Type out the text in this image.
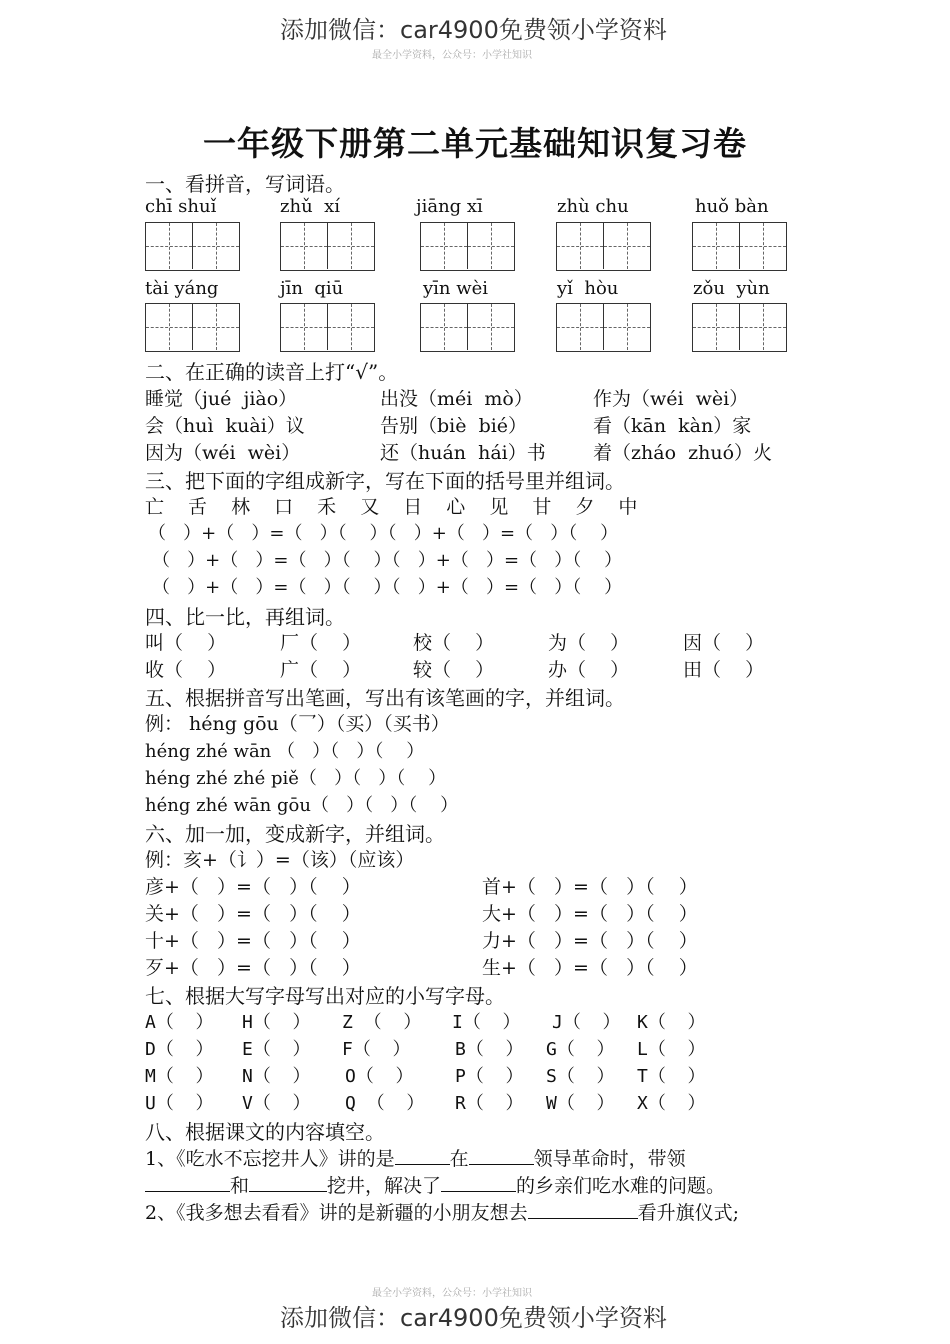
添加微信：car4900免费领小学资料
最全小学资料，公众号：小学社知识
一年级下册第二单元基础知识复习卷
一、看拼音，写词语。
chī shuǐ	zhǔ  xí	jiāng xī	zhù chu	huǒ bàn
tài yáng	jīn  qiū	yīn wèi	yǐ  hòu	zǒu  yùn
二、在正确的读音上打“√”。
睡觉（jué  jiào）	出没（méi  mò）	作为（wéi  wèi）
会（huì  kuài）议	告别（biè  bié）	看（kān  kàn）家
因为（wéi  wèi）	还（huán  hái）书 着（zháo  zhuó）火
三、把下面的字组成新字，写在下面的括号里并组词。
亡 舌 林 口 禾 又 日 心 见 甘 夕 中
（   ）+（   ）=（   ）（    ）（   ）+（   ）=（   ）（    ）
（   ）+（   ）=（   ）（    ）（   ）+（   ）=（   ）（    ）
（   ）+（   ）=（   ）（    ）（   ）+（   ）=（   ）（    ）
四、比一比，再组词。
叫（    ）	厂（    ）	校（    ）	为（    ）	因（    ）
收（    ）	广（    ）	较（    ）	办（    ）	田（    ）
五、根据拼音写出笔画，写出有该笔画的字，并组词。
例： héng gōu（乛）（买）（买书）
héng zhé wān （   ）（   ）（    ）
héng zhé zhé piě（   ）（   ）（    ）
héng zhé wān gōu（   ）（   ）（    ）
六、加一加，变成新字，并组词。
例：亥+（讠）=（该）（应该）
彦+（   ）=（   ）（    ）	首+（   ）=（   ）（    ）
关+（   ）=（   ）（    ）	大+（   ）=（   ）（    ）
十+（   ）=（   ）（    ）	力+（   ）=（   ）（    ）
歹+（   ）=（   ）（    ）	生+（   ）=（   ）（    ）
七、根据大写字母写出对应的小写字母。
A（  ） H（  ） Z （  ） I（  ） J（  ） K（  ）
D（  ） E（  ） F（  ） B（  ） G（  ） L（  ）
M（  ） N（  ） O（  ） P（  ） S（  ） T（  ）
U（  ） V（  ） Q （  ） R（  ） W（  ） X（  ）
八、根据课文的内容填空。
1、《吃水不忘挖井人》讲的是	在	领导革命时，带领
和	挖井，解决了	的乡亲们吃水难的问题。
2、《我多想去看看》讲的是新疆的小朋友想去	看升旗仪式;
最全小学资料，公众号：小学社知识
添加微信：car4900免费领小学资料
